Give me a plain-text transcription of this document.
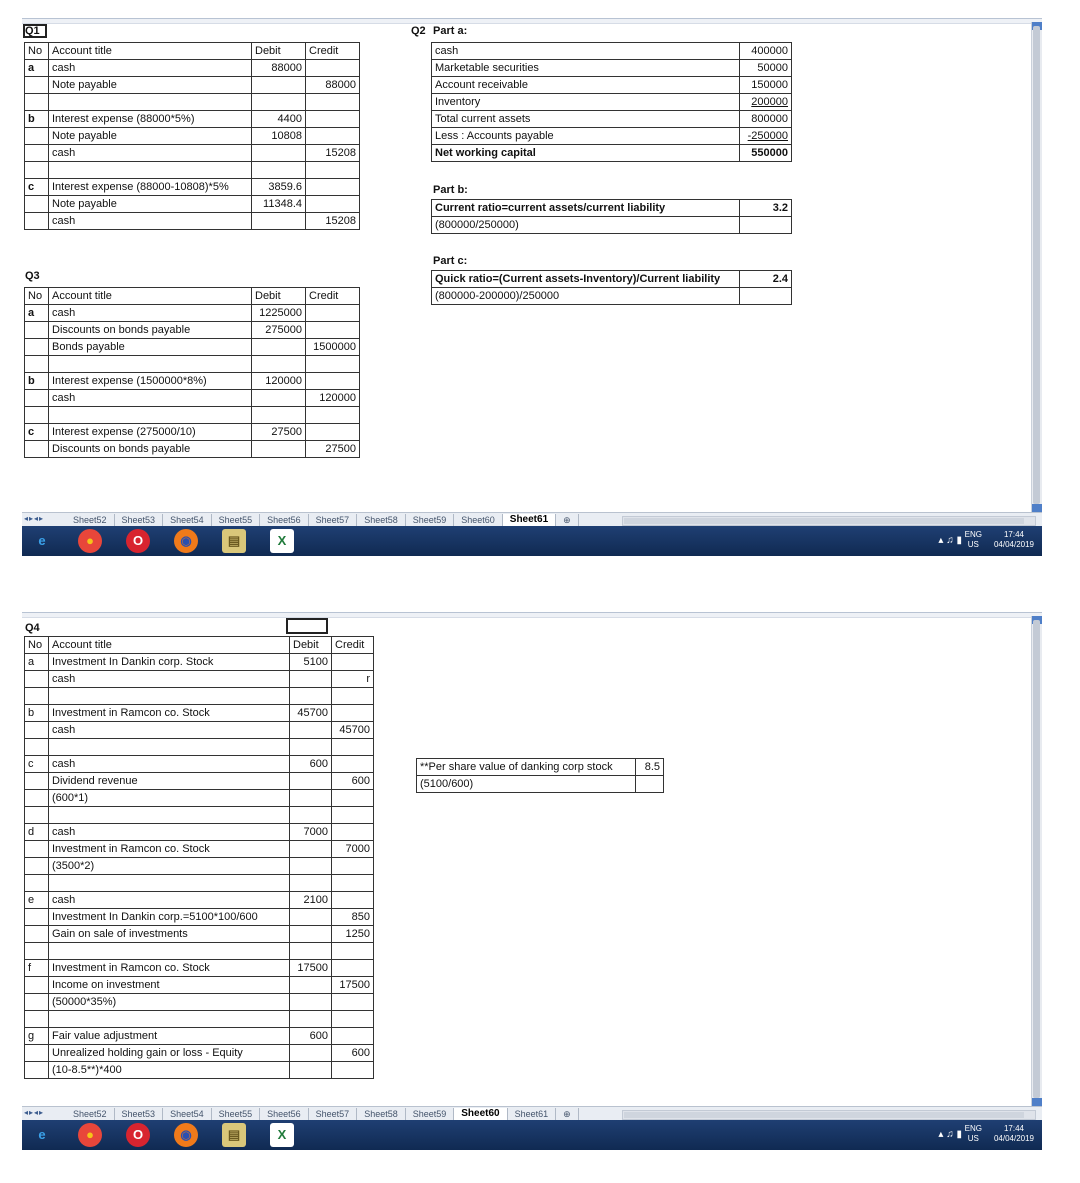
Q1
No	Account title	Debit	Credit
a	cash	88000	
	Note payable		88000

b	Interest expense (88000*5%)	4400	
	Note payable	10808	
	cash		15208

c	Interest expense (88000-10808)*5%	3859.6	
	Note payable	11348.4	
	cash		15208
Q3
No	Account title	Debit	Credit
a	cash	1225000	
	Discounts on bonds payable	275000	
	Bonds payable		1500000

b	Interest expense (1500000*8%)	120000	
	cash		120000

c	Interest expense (275000/10)	27500	
	Discounts on bonds payable		27500
Q2 Part a:
cash	400000
Marketable securities	50000
Account receivable	150000
Inventory	200000
Total current assets	800000
Less : Accounts payable	-250000
Net working capital	550000
Part b:
Current ratio=current assets/current liability	3.2
(800000/250000)	
Part c:
Quick ratio=(Current assets-Inventory)/Current liability	2.4
(800000-200000)/250000	
◂▸◂▸	Sheet52	Sheet53	Sheet54	Sheet55	Sheet56	Sheet57	Sheet58	Sheet59	Sheet60	Sheet61	⊕
e	●	O	◉	▤	X	▴ ♫ ▮
ENG
US
17:44
04/04/2019
Q4
No	Account title	Debit	Credit
a	Investment In Dankin corp. Stock	5100	
	cash		r

b	Investment in Ramcon co. Stock	45700	
	cash		45700

c	cash	600	
	Dividend revenue		600
	(600*1)		

d	cash	7000	
	Investment in Ramcon co. Stock		7000
	(3500*2)		

e	cash	2100	
	Investment In Dankin corp.=5100*100/600		850
	Gain on sale of investments		1250

f	Investment in Ramcon co. Stock	17500	
	Income on investment		17500
	(50000*35%)		

g	Fair value adjustment	600	
	Unrealized holding gain or loss - Equity		600
	(10-8.5**)*400		
**Per share value of danking corp stock	8.5
(5100/600)	
◂▸◂▸	Sheet52	Sheet53	Sheet54	Sheet55	Sheet56	Sheet57	Sheet58	Sheet59	Sheet60	Sheet61	⊕
e	●	O	◉	▤	X	▴ ♫ ▮
ENG
US
17:44
04/04/2019
